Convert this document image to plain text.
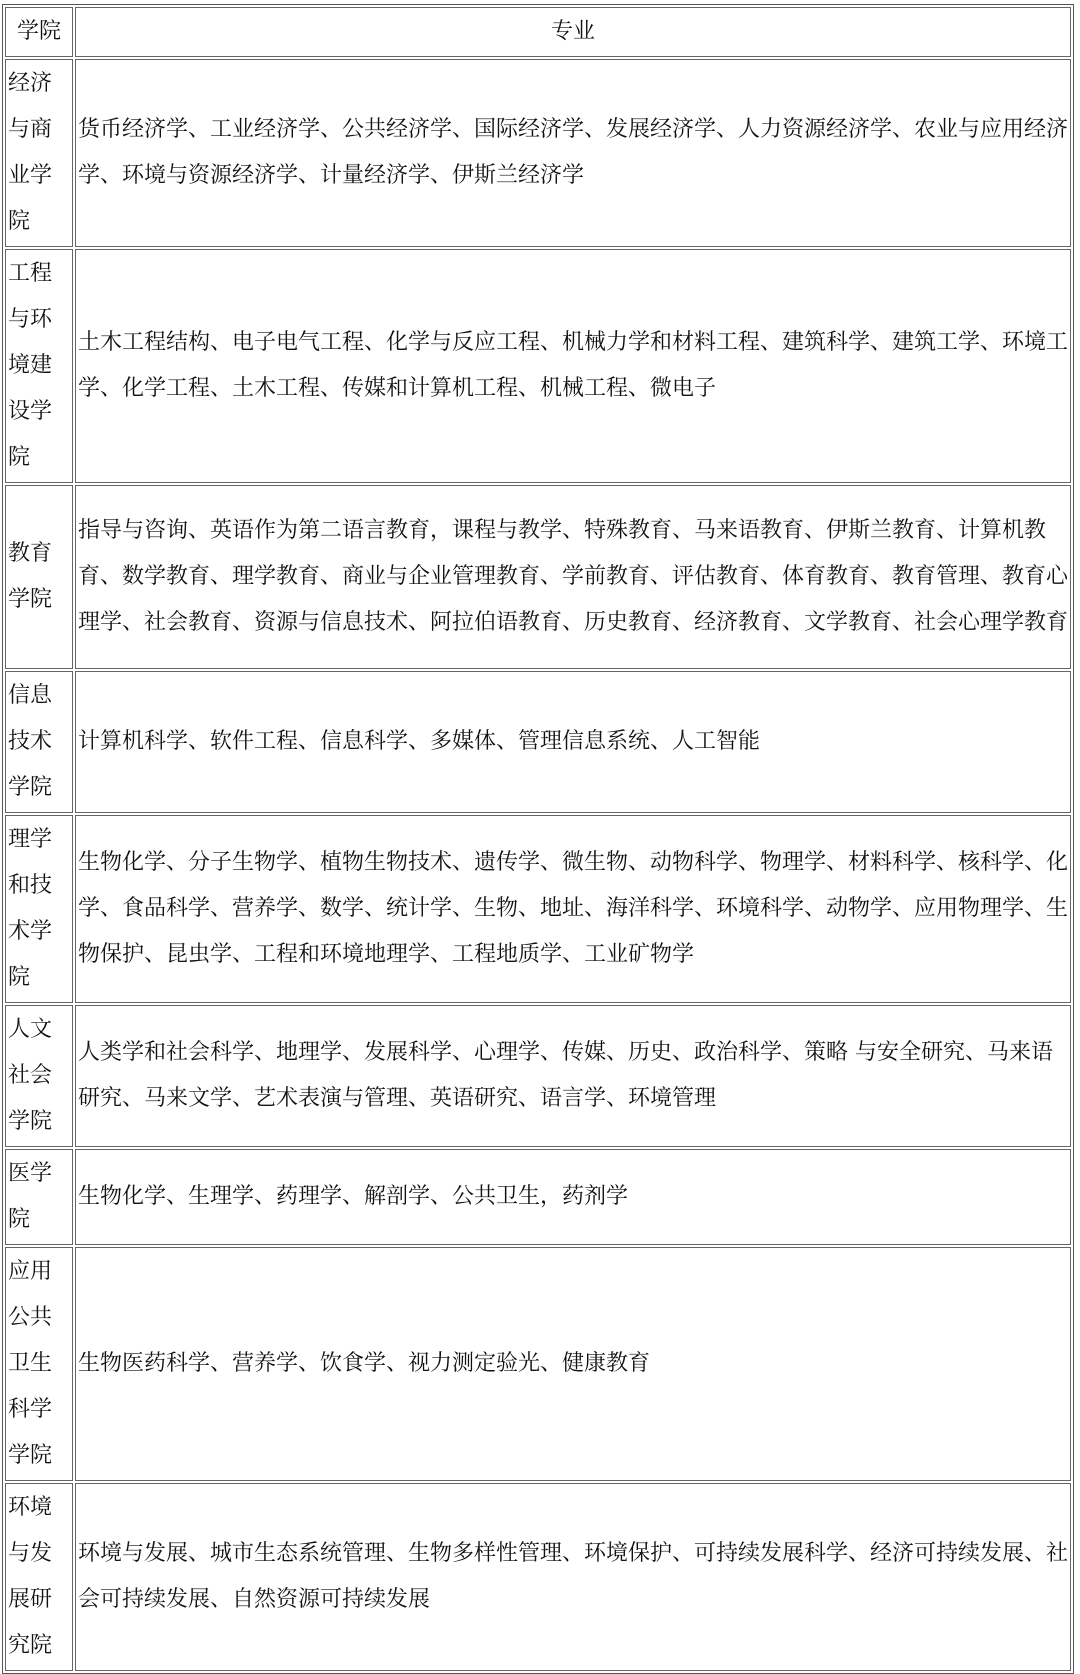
学院	专业
经济与商业学院	货币经济学、工业经济学、公共经济学、国际经济学、发展经济学、人力资源经济学、农业与应用经济学、环境与资源经济学、计量经济学、伊斯兰经济学
工程与环境建设学院	土木工程结构、电子电气工程、化学与反应工程、机械力学和材料工程、建筑科学、建筑工学、环境工学、化学工程、土木工程、传媒和计算机工程、机械工程、微电子
教育学院	指导与咨询、英语作为第二语言教育，课程与教学、特殊教育、马来语教育、伊斯兰教育、计算机教育、数学教育、理学教育、商业与企业管理教育、学前教育、评估教育、体育教育、教育管理、教育心理学、社会教育、资源与信息技术、阿拉伯语教育、历史教育、经济教育、文学教育、社会心理学教育
信息技术学院	计算机科学、软件工程、信息科学、多媒体、管理信息系统、人工智能
理学和技术学院	生物化学、分子生物学、植物生物技术、遗传学、微生物、动物科学、物理学、材料科学、核科学、化学、食品科学、营养学、数学、统计学、生物、地址、海洋科学、环境科学、动物学、应用物理学、生物保护、昆虫学、工程和环境地理学、工程地质学、工业矿物学
人文社会学院	人类学和社会科学、地理学、发展科学、心理学、传媒、历史、政治科学、策略 与安全研究、马来语研究、马来文学、艺术表演与管理、英语研究、语言学、环境管理
医学院	生物化学、生理学、药理学、解剖学、公共卫生，药剂学
应用公共卫生科学学院	生物医药科学、营养学、饮食学、视力测定验光、健康教育
环境与发展研究院	环境与发展、城市生态系统管理、生物多样性管理、环境保护、可持续发展科学、经济可持续发展、社会可持续发展、自然资源可持续发展
